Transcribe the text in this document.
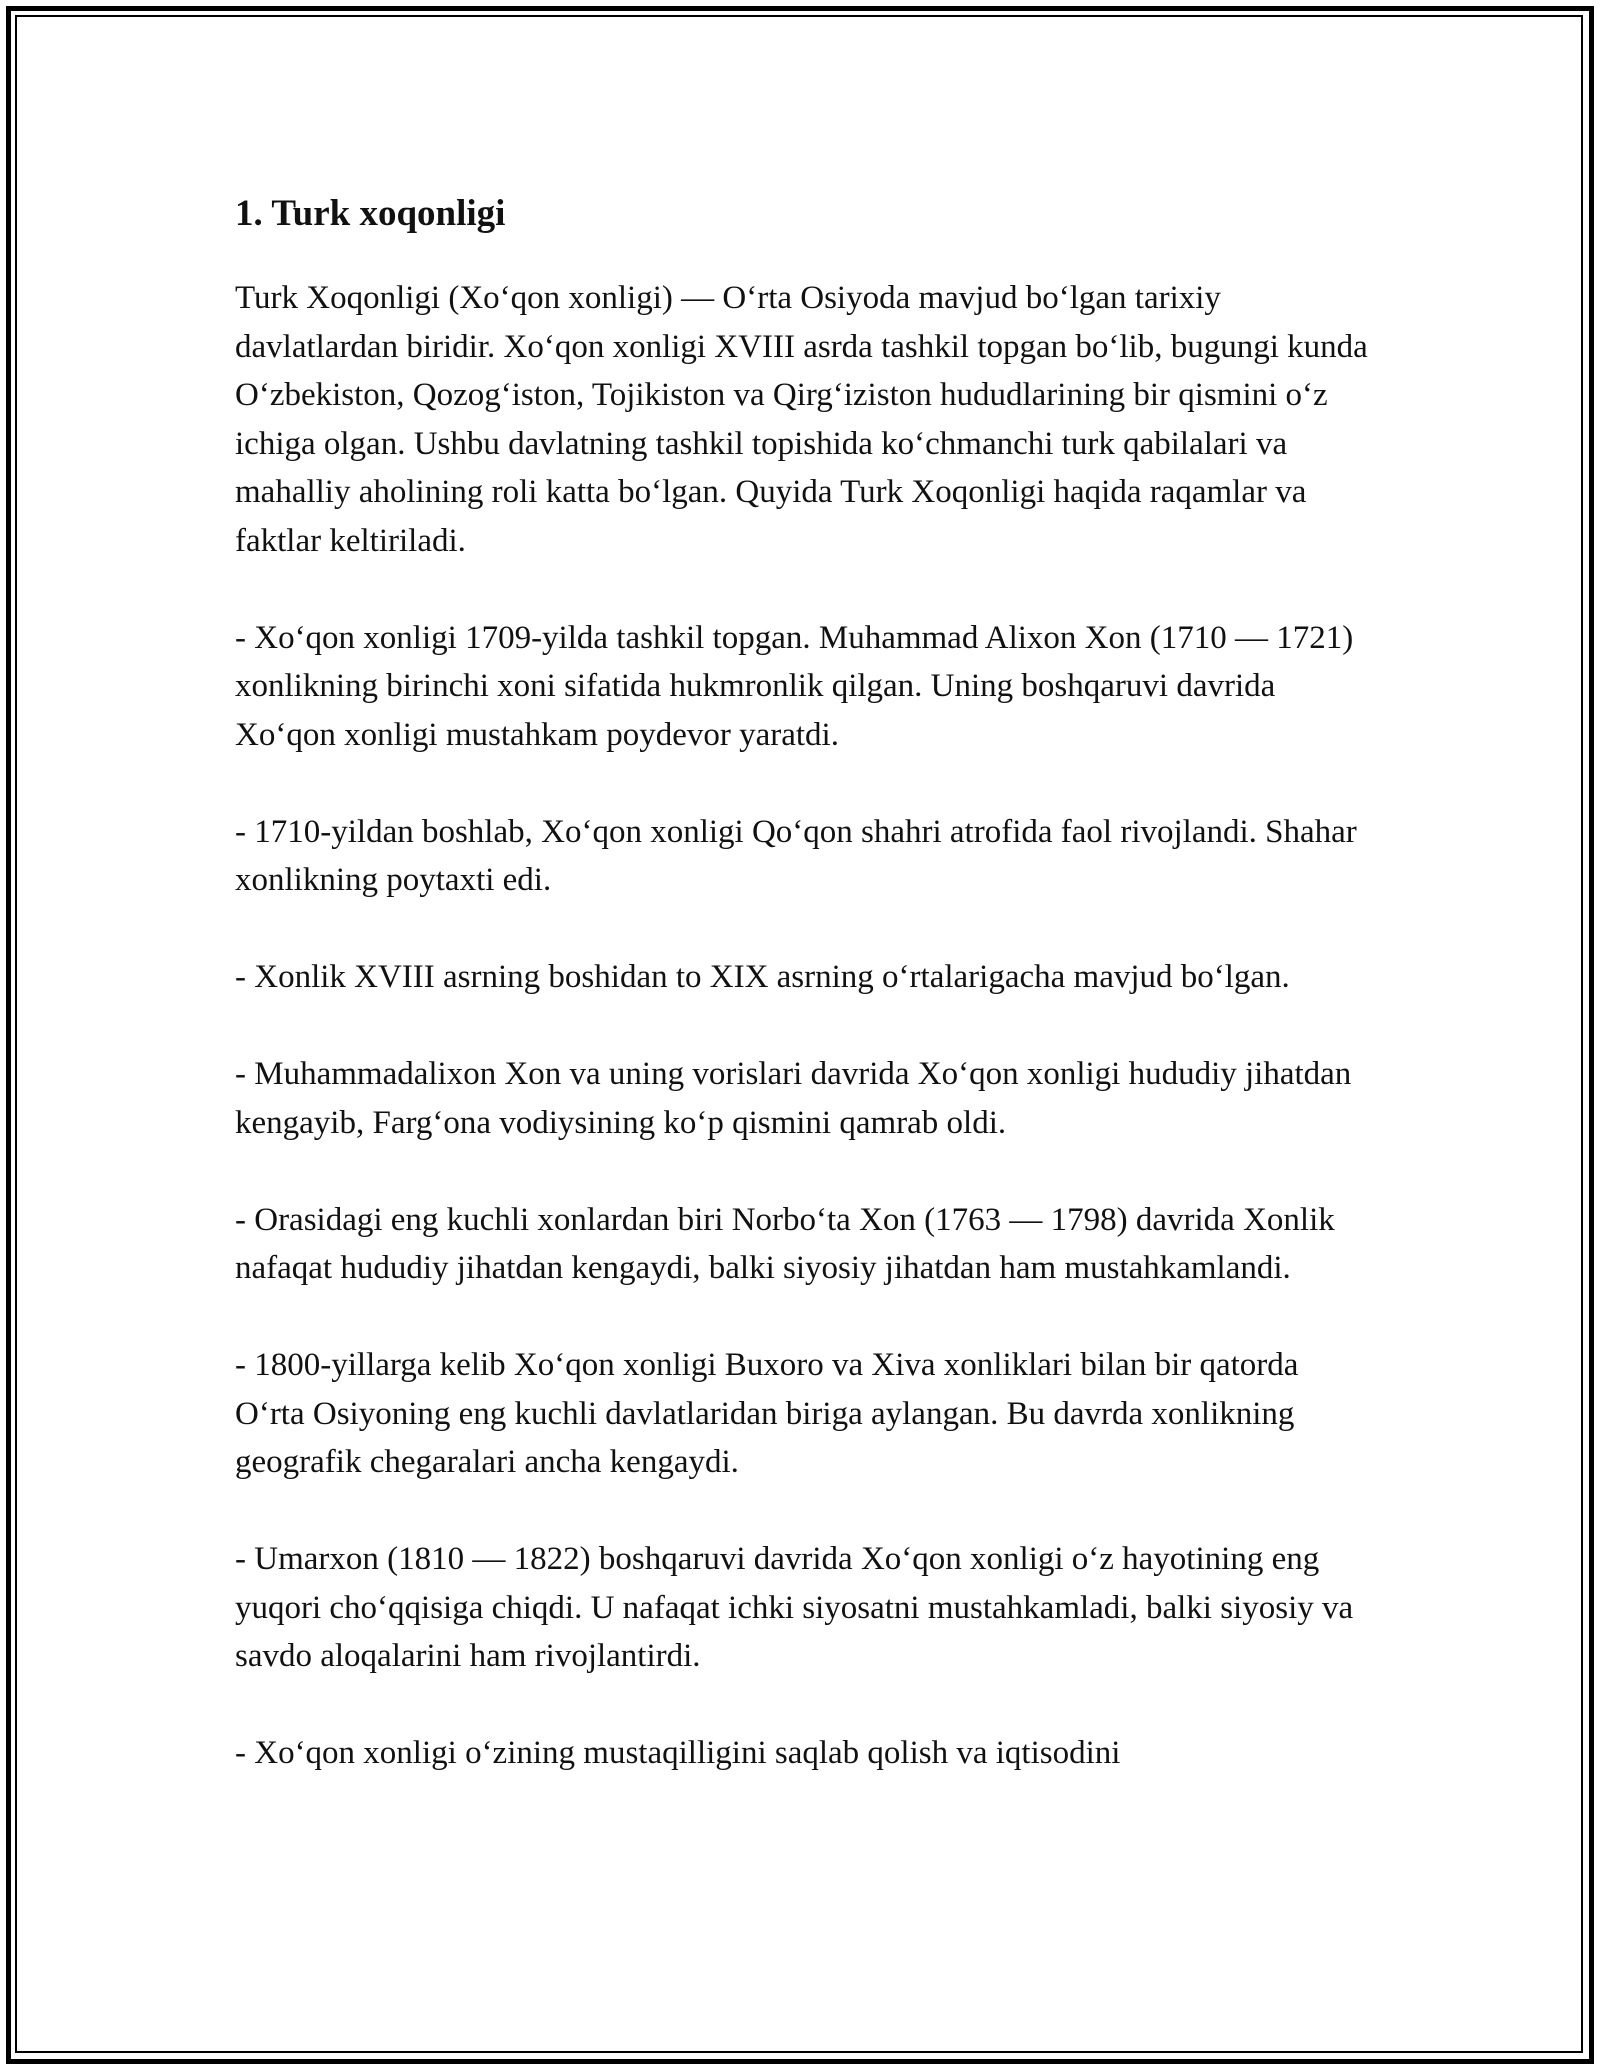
1. Turk xoqonligi

Turk Xoqonligi (Xo‘qon xonligi) — O‘rta Osiyoda mavjud bo‘lgan tarixiy davlatlardan biridir. Xo‘qon xonligi XVIII asrda tashkil topgan bo‘lib, bugungi kunda O‘zbekiston, Qozog‘iston, Tojikiston va Qirg‘iziston hududlarining bir qismini o‘z ichiga olgan. Ushbu davlatning tashkil topishida ko‘chmanchi turk qabilalari va mahalliy aholining roli katta bo‘lgan. Quyida Turk Xoqonligi haqida raqamlar va faktlar keltiriladi.

- Xo‘qon xonligi 1709-yilda tashkil topgan. Muhammad Alixon Xon (1710 — 1721) xonlikning birinchi xoni sifatida hukmronlik qilgan. Uning boshqaruvi davrida Xo‘qon xonligi mustahkam poydevor yaratdi.

- 1710-yildan boshlab, Xo‘qon xonligi Qo‘qon shahri atrofida faol rivojlandi. Shahar xonlikning poytaxti edi.

- Xonlik XVIII asrning boshidan to XIX asrning o‘rtalarigacha mavjud bo‘lgan.

- Muhammadalixon Xon va uning vorislari davrida Xo‘qon xonligi hududiy jihatdan kengayib, Farg‘ona vodiysining ko‘p qismini qamrab oldi.

- Orasidagi eng kuchli xonlardan biri Norbo‘ta Xon (1763 — 1798) davrida Xonlik nafaqat hududiy jihatdan kengaydi, balki siyosiy jihatdan ham mustahkamlandi.

- 1800-yillarga kelib Xo‘qon xonligi Buxoro va Xiva xonliklari bilan bir qatorda O‘rta Osiyoning eng kuchli davlatlaridan biriga aylangan. Bu davrda xonlikning geografik chegaralari ancha kengaydi.

- Umarxon (1810 — 1822) boshqaruvi davrida Xo‘qon xonligi o‘z hayotining eng yuqori cho‘qqisiga chiqdi. U nafaqat ichki siyosatni mustahkamladi, balki siyosiy va savdo aloqalarini ham rivojlantirdi.

- Xo‘qon xonligi o‘zining mustaqilligini saqlab qolish va iqtisodini
